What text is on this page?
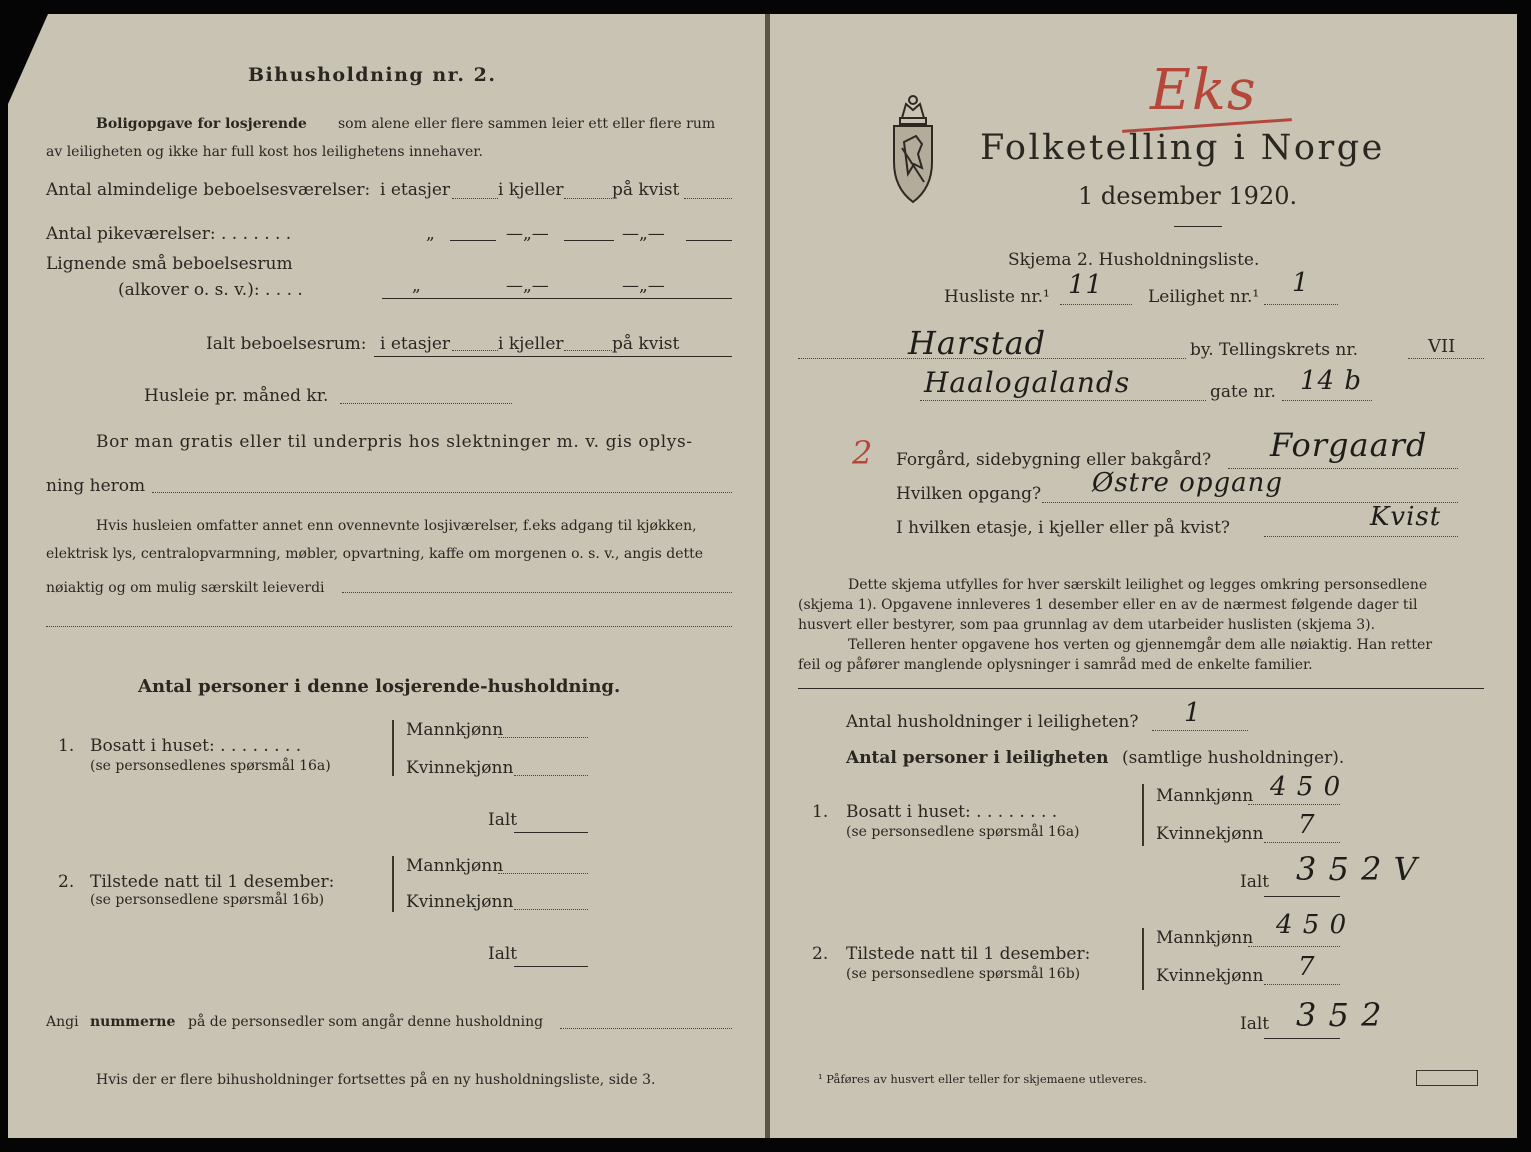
Bihusholdning nr. 2.
Boligopgave for losjerende som alene eller flere sammen leier ett eller flere rum
av leiligheten og ikke har full kost hos leilighetens innehaver.
Antal almindelige beboelsesværelser: i etasjer	i kjeller	på kvist
Antal pikeværelser: . . . . . . .	„	—„—	—„—
Lignende små beboelsesrum
(alkover o. s. v.): . . . .	„	—„—	—„—
Ialt beboelsesrum: i etasjer	i kjeller	på kvist
Husleie pr. måned kr.
Bor man gratis eller til underpris hos slektninger m. v. gis oplys-
ning herom
Hvis husleien omfatter annet enn ovennevnte losjiværelser, f.eks adgang til kjøkken,
elektrisk lys, centralopvarmning, møbler, opvartning, kaffe om morgenen o. s. v., angis dette
nøiaktig og om mulig særskilt leieverdi
Antal personer i denne losjerende-husholdning.
1. Bosatt i huset: . . . . . . . .
(se personsedlenes spørsmål 16a)
Mannkjønn
Kvinnekjønn
Ialt
2. Tilstede natt til 1 desember:
(se personsedlene spørsmål 16b)
Mannkjønn
Kvinnekjønn
Ialt
Angi nummerne på de personsedler som angår denne husholdning
Hvis der er flere bihusholdninger fortsettes på en ny husholdningsliste, side 3.
Eks
Folketelling i Norge
1 desember 1920.
Skjema 2. Husholdningsliste.
Husliste nr.¹ 11	Leilighet nr.¹ 1
Harstad	by. Tellingskrets nr.	VII
Haalogalands	gate nr. 14 b
2 Forgård, sidebygning eller bakgård? Forgaard
Hvilken opgang? Østre opgang
I hvilken etasje, i kjeller eller på kvist?	Kvist
Dette skjema utfylles for hver særskilt leilighet og legges omkring personsedlene
(skjema 1). Opgavene innleveres 1 desember eller en av de nærmest følgende dager til
husvert eller bestyrer, som paa grunnlag av dem utarbeider huslisten (skjema 3).
Telleren henter opgavene hos verten og gjennemgår dem alle nøiaktig. Han retter
feil og påfører manglende oplysninger i samråd med de enkelte familier.
Antal husholdninger i leiligheten? 1
Antal personer i leiligheten (samtlige husholdninger).
1. Bosatt i huset: . . . . . . . .
(se personsedlene spørsmål 16a)
Mannkjønn 4 5 0
Kvinnekjønn 7
Ialt 3 5 2 V
2. Tilstede natt til 1 desember:
(se personsedlene spørsmål 16b)
Mannkjønn 4 5 0
Kvinnekjønn 7
Ialt 3 5 2
¹ Påføres av husvert eller teller for skjemaene utleveres.
